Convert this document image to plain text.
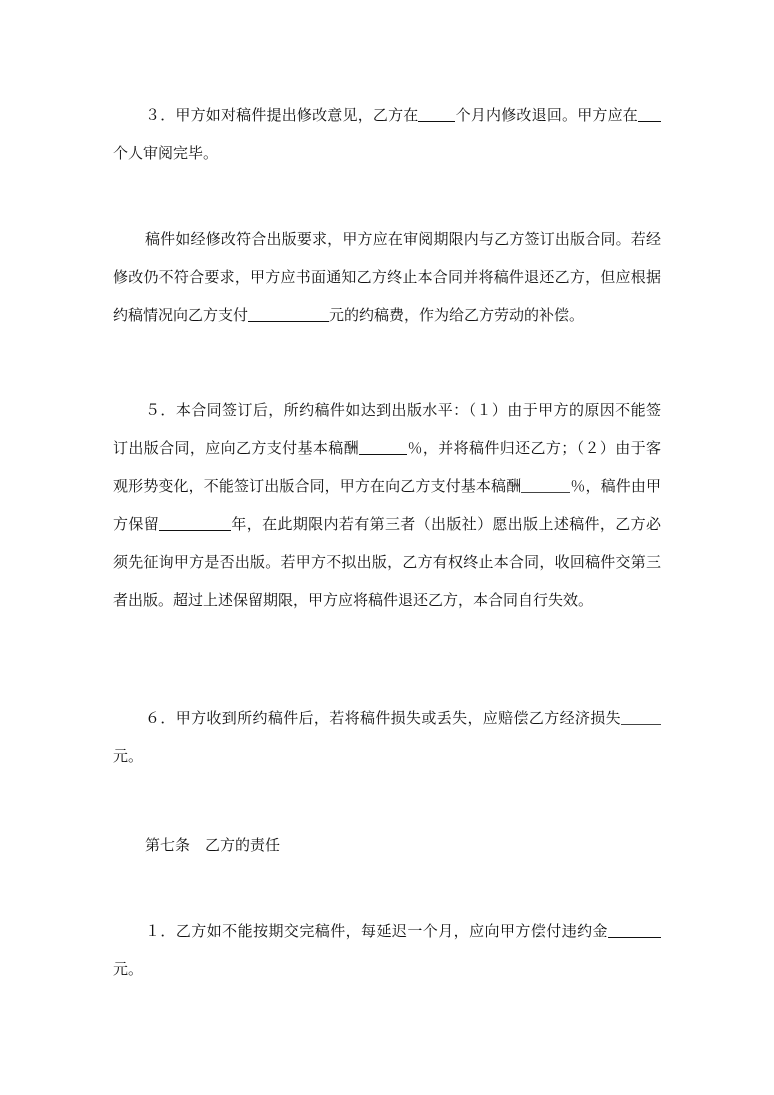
３．甲方如对稿件提出修改意见，乙方在 个月内修改退回。甲方应在个人审阅完毕。

稿件如经修改符合出版要求，甲方应在审阅期限内与乙方签订出版合同。若经修改仍不符合要求，甲方应书面通知乙方终止本合同并将稿件退还乙方，但应根据约稿情况向乙方支付	元的约稿费，作为给乙方劳动的补偿。

５．本合同签订后，所约稿件如达到出版水平：（１）由于甲方的原因不能签订出版合同，应向乙方支付基本稿酬	％，并将稿件归还乙方；（２）由于客观形势变化，不能签订出版合同，甲方在向乙方支付基本稿酬	％，稿件由甲方保留	年，在此期限内若有第三者（出版社）愿出版上述稿件，乙方必须先征询甲方是否出版。若甲方不拟出版，乙方有权终止本合同，收回稿件交第三者出版。超过上述保留期限，甲方应将稿件退还乙方，本合同自行失效。

６．甲方收到所约稿件后，若将稿件损失或丢失，应赔偿乙方经济损失元。

第七条　乙方的责任

１．乙方如不能按期交完稿件，每延迟一个月，应向甲方偿付违约金元。
